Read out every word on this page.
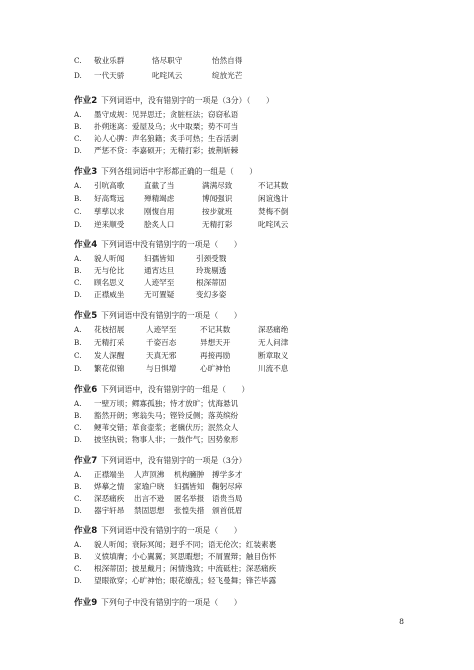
C. 敬业乐群	恪尽职守	怡然自得
D. 一代天骄	叱咤风云	绽放光芒
作业2 下列词语中，没有错别字的一项是（3分）（　　）
A. 墨守成规：见异思迁；贪脏枉法；窃窃私语
B. 扑朔迷离：爱屋及乌；火中取栗；势不可当
C. 沁人心脾：声名狼籍；炙手可热；生吞活剥
D. 严惩不贷：李嘉硕开；无精打彩；披荆斩棘
作业3 下列各组词语中字形都正确的一组是（　　）
A. 引吭高歌	直截了当	满满尽致	不记其数
B. 好高骛远	殚精竭虑	博闻强识	闲谊逸计
C. 孳孳以求	刚愎自用	按步就班	焚梅不倒
D. 逆来顺受	脍炙人口	无精打彩	叱咤风云
作业4 下列词语中没有错别字的一项是（　　）
A. 貌人听闻	妇孺皆知	引颈受戮
B. 无与伦比	通宵达旦	玲珑剔透
C. 顾名思义	人迹罕至	根深蒂固
D. 正襟威坐	无可置疑	变幻多姿
作业5 下列词语中没有错别字的一项是（　　）
A. 花枝招展	人迹罕至	不记其数	深恶痛绝
B. 无精打采	千姿百态	异想天开	无人问津
C. 发人深醒	天真无邪	再接再励	断章取义
D. 繁花似锦	与日惧增	心旷神怡	川流不息
作业6 下列词语中，没有错别字的一组是（　　）
A. 一壁万顷；鳏寡孤独；恃才放旷；忧海悬讥
B. 豁然开朗；寒翁失马；铿铃反侧；落英缤纷
C. 鲠苇交错；革食壶浆；老骥伏历；泯然众人
D. 披坚执锐；物事人非；一鼓作气；因势象形
作业7 下列词语中，没有错别字的一项是（3分）
A. 正襟端坐 人声顶沸 机构臃肿 搏学多才
B. 烨摹之情 家瑜户晓 妇孺皆知 鞠躬尽瘁
C. 深恶痛疾 出言不逊 匿名举报 语贵当局
D. 器宇轩昂 禁固思想 张惶失措 颁首低眉
作业8 下列词语中没有错别字的一项是（　　）
A. 貌人听闻；衰际冥闻；迥乎不同；语无伦次；红装素裹
B. 义愤填膺；小心翼翼；冥思暇想；不屑置辩；触目伤怀
C. 根深蒂固；披星戴月；闲情逸致；中流砥柱；深恶痛疾
D. 望眼欲穿；心旷神怡；眼花缭乱；轻飞曼舞；锋芒毕露
作业9 下列句子中没有错别字的一项是（　　）
8
